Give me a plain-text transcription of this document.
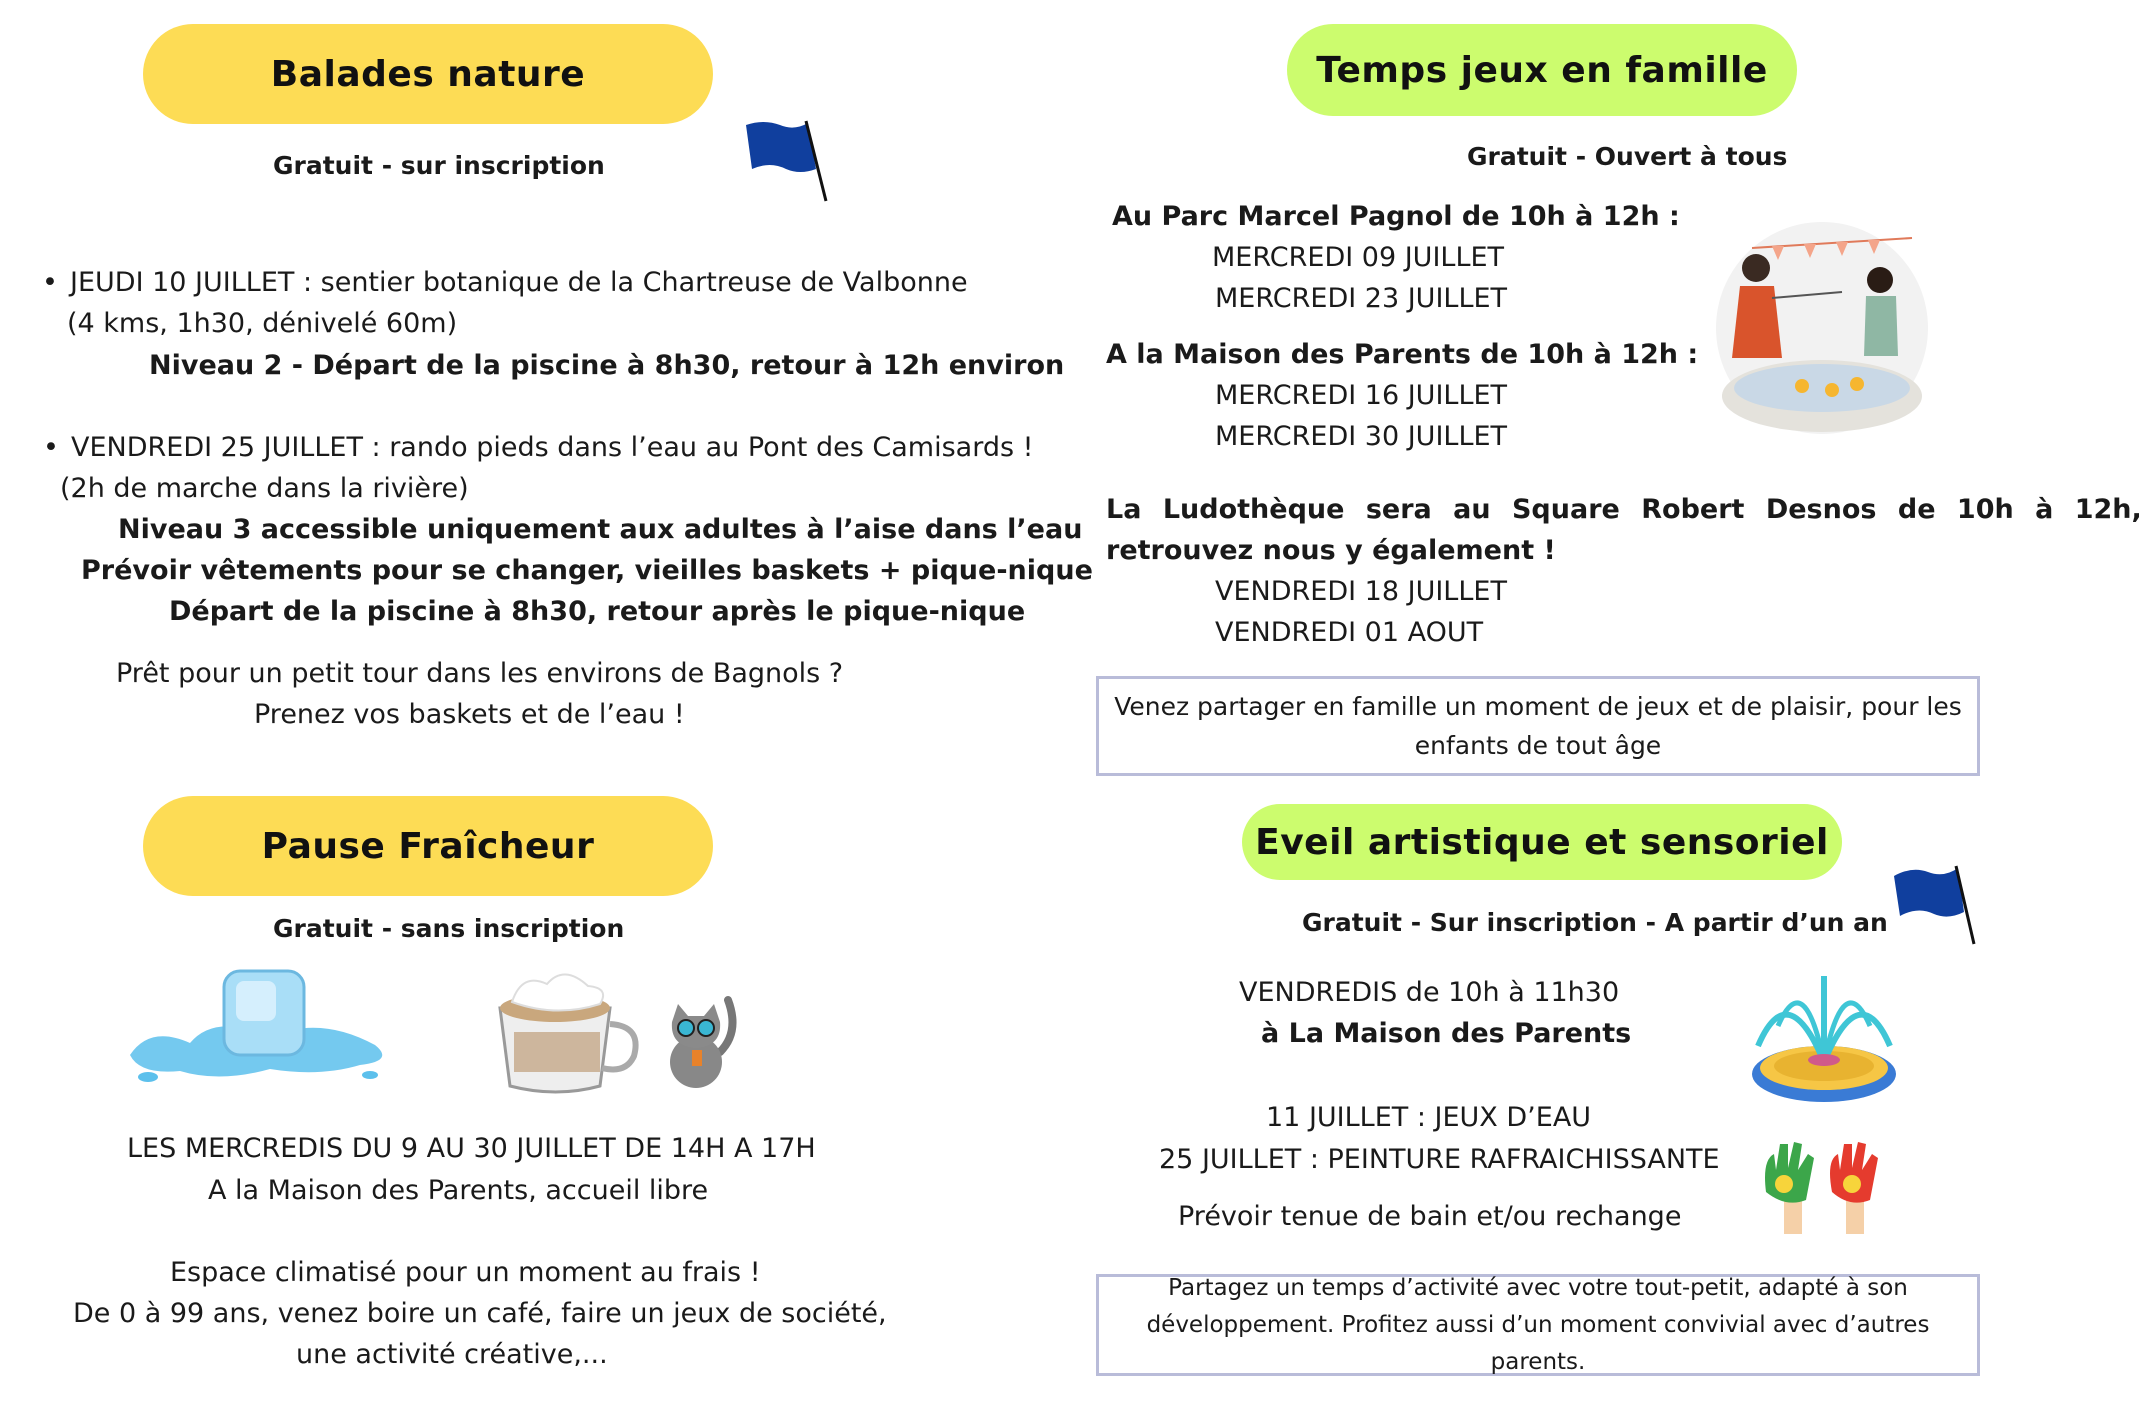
Balades nature
Gratuit - sur inscription
• JEUDI 10 JUILLET : sentier botanique de la Chartreuse de Valbonne
(4 kms, 1h30, dénivelé 60m)
Niveau 2 - Départ de la piscine à 8h30, retour à 12h environ
• VENDREDI 25 JUILLET : rando pieds dans l’eau au Pont des Camisards !
(2h de marche dans la rivière)
Niveau 3 accessible uniquement aux adultes à l’aise dans l’eau
Prévoir vêtements pour se changer, vieilles baskets + pique-nique
Départ de la piscine à 8h30, retour après le pique-nique
Prêt pour un petit tour dans les environs de Bagnols ?
Prenez vos baskets et de l’eau !
Pause Fraîcheur
Gratuit - sans inscription
LES MERCREDIS DU 9 AU 30 JUILLET DE 14H A 17H
A la Maison des Parents, accueil libre
Espace climatisé pour un moment au frais !
De 0 à 99 ans, venez boire un café, faire un jeux de société,
une activité créative,...
Temps jeux en famille
Gratuit - Ouvert à tous
Au Parc Marcel Pagnol de 10h à 12h :
MERCREDI 09 JUILLET
MERCREDI 23 JUILLET
A la Maison des Parents de 10h à 12h :
MERCREDI 16 JUILLET
MERCREDI 30 JUILLET
La Ludothèque sera au Square Robert Desnos de 10h à 12h,
retrouvez nous y également !
VENDREDI 18 JUILLET
VENDREDI 01 AOUT
Venez partager en famille un moment de jeux et de plaisir, pour les
enfants de tout âge
Eveil artistique et sensoriel
Gratuit - Sur inscription - A partir d’un an
VENDREDIS de 10h à 11h30
à La Maison des Parents
11 JUILLET : JEUX D’EAU
25 JUILLET : PEINTURE RAFRAICHISSANTE
Prévoir tenue de bain et/ou rechange
Partagez un temps d’activité avec votre tout-petit, adapté à son
développement. Profitez aussi d’un moment convivial avec d’autres parents.
